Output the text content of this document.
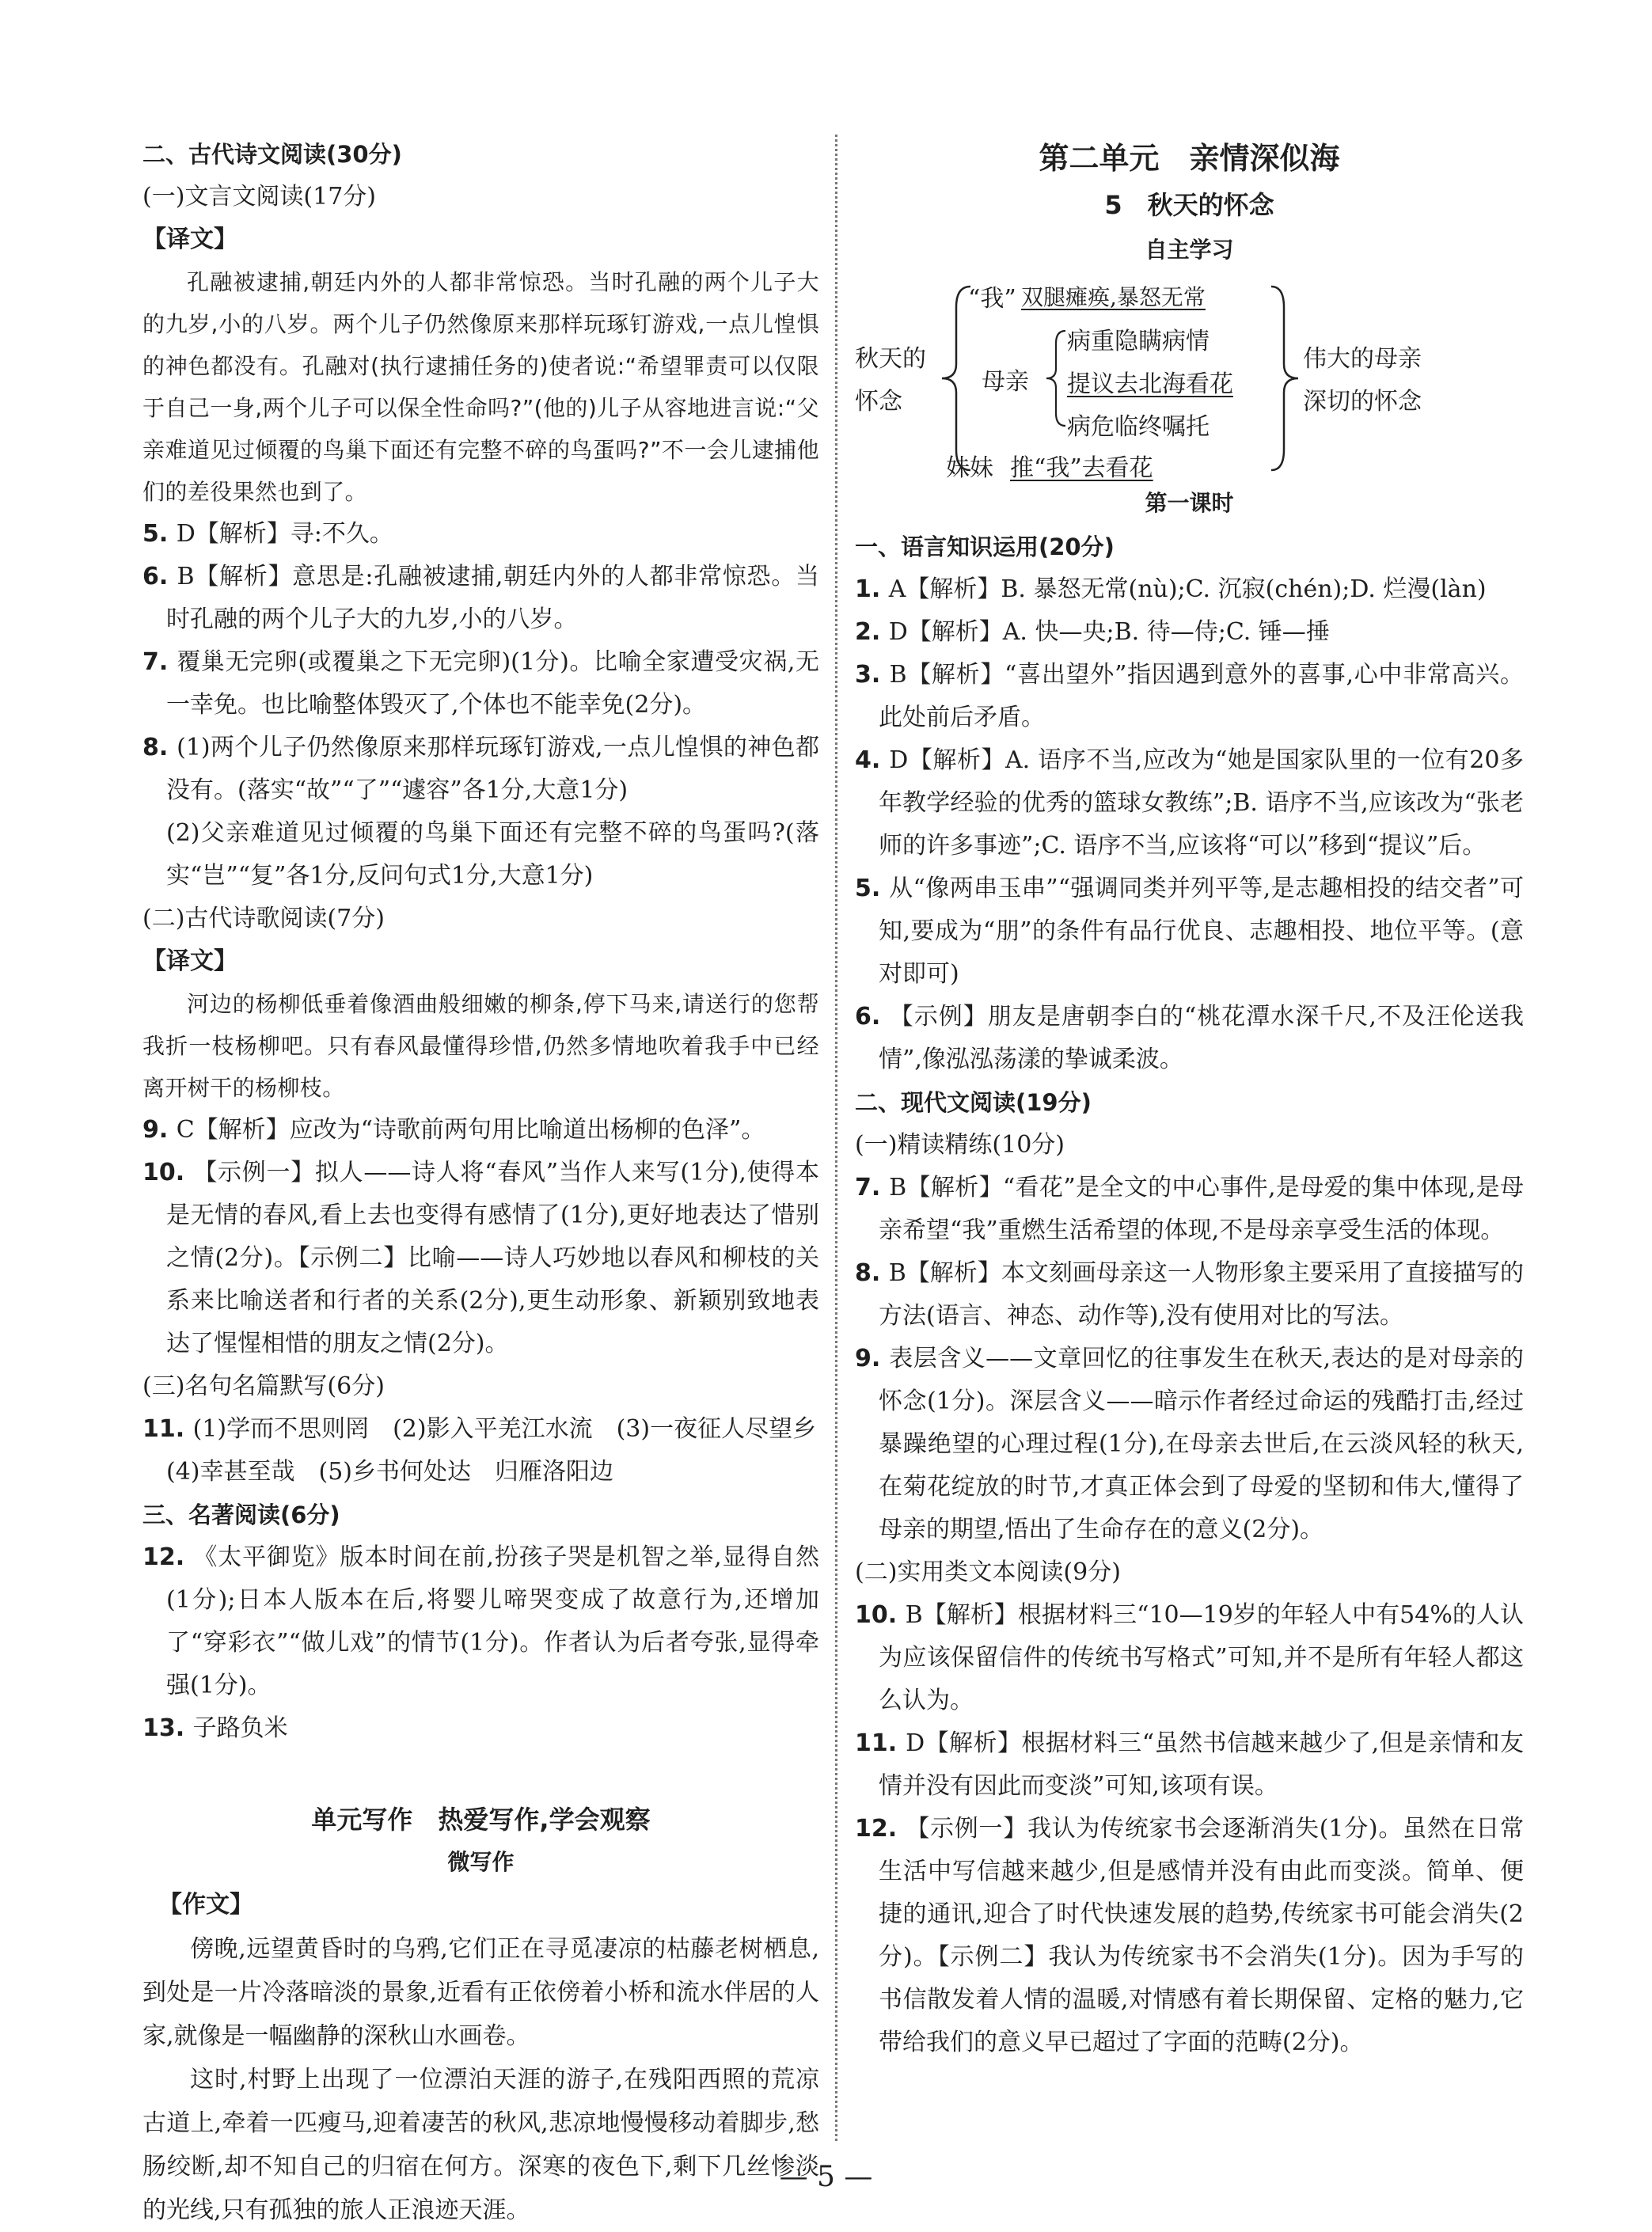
二、古代诗文阅读(30分)

(一)文言文阅读(17分)

【译文】

孔融被逮捕,朝廷内外的人都非常惊恐。当时孔融的两个儿子大的九岁,小的八岁。两个儿子仍然像原来那样玩琢钉游戏,一点儿惶惧的神色都没有。孔融对(执行逮捕任务的)使者说:“希望罪责可以仅限于自己一身,两个儿子可以保全性命吗?”(他的)儿子从容地进言说:“父亲难道见过倾覆的鸟巢下面还有完整不碎的鸟蛋吗?”不一会儿逮捕他们的差役果然也到了。

5. D【解析】寻:不久。

6. B【解析】意思是:孔融被逮捕,朝廷内外的人都非常惊恐。当时孔融的两个儿子大的九岁,小的八岁。

7. 覆巢无完卵(或覆巢之下无完卵)(1分)。比喻全家遭受灾祸,无一幸免。也比喻整体毁灭了,个体也不能幸免(2分)。

8. (1)两个儿子仍然像原来那样玩琢钉游戏,一点儿惶惧的神色都没有。(落实“故”“了”“遽容”各1分,大意1分)

(2)父亲难道见过倾覆的鸟巢下面还有完整不碎的鸟蛋吗?(落实“岂”“复”各1分,反问句式1分,大意1分)

(二)古代诗歌阅读(7分)

【译文】

河边的杨柳低垂着像酒曲般细嫩的柳条,停下马来,请送行的您帮我折一枝杨柳吧。只有春风最懂得珍惜,仍然多情地吹着我手中已经离开树干的杨柳枝。

9. C【解析】应改为“诗歌前两句用比喻道出杨柳的色泽”。

10. 【示例一】拟人——诗人将“春风”当作人来写(1分),使得本是无情的春风,看上去也变得有感情了(1分),更好地表达了惜别之情(2分)。【示例二】比喻——诗人巧妙地以春风和柳枝的关系来比喻送者和行者的关系(2分),更生动形象、新颖别致地表达了惺惺相惜的朋友之情(2分)。

(三)名句名篇默写(6分)

11. (1)学而不思则罔　(2)影入平羌江水流　(3)一夜征人尽望乡

(4)幸甚至哉　(5)乡书何处达　归雁洛阳边

三、名著阅读(6分)

12. 《太平御览》版本时间在前,扮孩子哭是机智之举,显得自然(1分);日本人版本在后,将婴儿啼哭变成了故意行为,还增加了“穿彩衣”“做儿戏”的情节(1分)。作者认为后者夸张,显得牵强(1分)。

13. 子路负米

单元写作　热爱写作,学会观察

微写作

【作文】

傍晚,远望黄昏时的乌鸦,它们正在寻觅凄凉的枯藤老树栖息,到处是一片冷落暗淡的景象,近看有正依傍着小桥和流水伴居的人家,就像是一幅幽静的深秋山水画卷。

这时,村野上出现了一位漂泊天涯的游子,在残阳西照的荒凉古道上,牵着一匹瘦马,迎着凄苦的秋风,悲凉地慢慢移动着脚步,愁肠绞断,却不知自己的归宿在何方。深寒的夜色下,剩下几丝惨淡的光线,只有孤独的旅人正浪迹天涯。

第二单元　亲情深似海

5　秋天的怀念

自主学习

秋天的
怀念
“我” 双腿瘫痪,暴怒无常
母亲
病重隐瞒病情
提议去北海看花
病危临终嘱托
妹妹 推“我”去看花
伟大的母亲
深切的怀念

第一课时

一、语言知识运用(20分)

1. A【解析】B. 暴怒无常(nù);C. 沉寂(chén);D. 烂漫(làn)

2. D【解析】A. 快—央;B. 待—侍;C. 锤—捶

3. B【解析】“喜出望外”指因遇到意外的喜事,心中非常高兴。此处前后矛盾。

4. D【解析】A. 语序不当,应改为“她是国家队里的一位有20多年教学经验的优秀的篮球女教练”;B. 语序不当,应该改为“张老师的许多事迹”;C. 语序不当,应该将“可以”移到“提议”后。

5. 从“像两串玉串”“强调同类并列平等,是志趣相投的结交者”可知,要成为“朋”的条件有品行优良、志趣相投、地位平等。(意对即可)

6. 【示例】朋友是唐朝李白的“桃花潭水深千尺,不及汪伦送我情”,像泓泓荡漾的挚诚柔波。

二、现代文阅读(19分)

(一)精读精练(10分)

7. B【解析】“看花”是全文的中心事件,是母爱的集中体现,是母亲希望“我”重燃生活希望的体现,不是母亲享受生活的体现。

8. B【解析】本文刻画母亲这一人物形象主要采用了直接描写的方法(语言、神态、动作等),没有使用对比的写法。

9. 表层含义——文章回忆的往事发生在秋天,表达的是对母亲的怀念(1分)。深层含义——暗示作者经过命运的残酷打击,经过暴躁绝望的心理过程(1分),在母亲去世后,在云淡风轻的秋天,在菊花绽放的时节,才真正体会到了母爱的坚韧和伟大,懂得了母亲的期望,悟出了生命存在的意义(2分)。

(二)实用类文本阅读(9分)

10. B【解析】根据材料三“10—19岁的年轻人中有54%的人认为应该保留信件的传统书写格式”可知,并不是所有年轻人都这么认为。

11. D【解析】根据材料三“虽然书信越来越少了,但是亲情和友情并没有因此而变淡”可知,该项有误。

12. 【示例一】我认为传统家书会逐渐消失(1分)。虽然在日常生活中写信越来越少,但是感情并没有由此而变淡。简单、便捷的通讯,迎合了时代快速发展的趋势,传统家书可能会消失(2分)。【示例二】我认为传统家书不会消失(1分)。因为手写的书信散发着人情的温暖,对情感有着长期保留、定格的魅力,它带给我们的意义早已超过了字面的范畴(2分)。

— 5 —
